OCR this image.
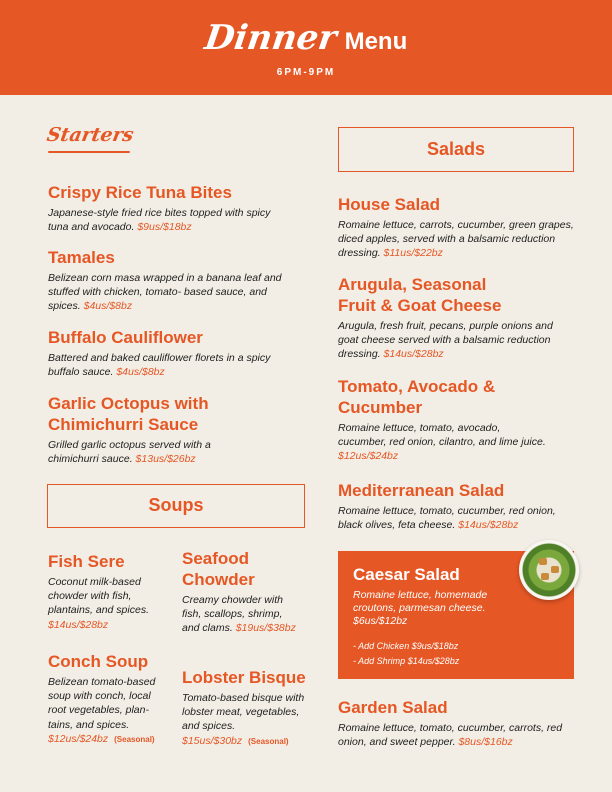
Dinner Menu
6PM-9PM
Starters
Crispy Rice Tuna Bites

Japanese-style fried rice bites topped with spicy tuna and avocado. $9us/$18bz

Tamales

Belizean corn masa wrapped in a banana leaf and stuffed with chicken, tomato- based sauce, and spices. $4us/$8bz

Buffalo Cauliflower

Battered and baked cauliflower florets in a spicy buffalo sauce. $4us/$8bz

Garlic Octopus with Chimichurri Sauce

Grilled garlic octopus served with a chimichurri sauce. $13us/$26bz

Soups
Fish Sere

Coconut milk-based chowder with fish, plantains, and spices. $14us/$28bz

Conch Soup

Belizean tomato-based soup with conch, local root vegetables, plan-tains, and spices. $12us/$24bz (Seasonal)

Seafood Chowder

Creamy chowder with fish, scallops, shrimp, and clams. $19us/$38bz

Lobster Bisque

Tomato-based bisque with lobster meat, vegetables, and spices. $15us/$30bz (Seasonal)

Salads
House Salad

Romaine lettuce, carrots, cucumber, green grapes, diced apples, served with a balsamic reduction dressing. $11us/$22bz

Arugula, Seasonal Fruit & Goat Cheese

Arugula, fresh fruit, pecans, purple onions and goat cheese served with a balsamic reduction dressing. $14us/$28bz

Tomato, Avocado & Cucumber

Romaine lettuce, tomato, avocado, cucumber, red onion, cilantro, and lime juice. $12us/$24bz

Mediterranean Salad

Romaine lettuce, tomato, cucumber, red onion, black olives, feta cheese. $14us/$28bz

Caesar Salad
Romaine lettuce, homemade croutons, parmesan cheese. $6us/$12bz
- Add Chicken $9us/$18bz
- Add Shrimp $14us/$28bz
Garden Salad

Romaine lettuce, tomato, cucumber, carrots, red onion, and sweet pepper. $8us/$16bz
